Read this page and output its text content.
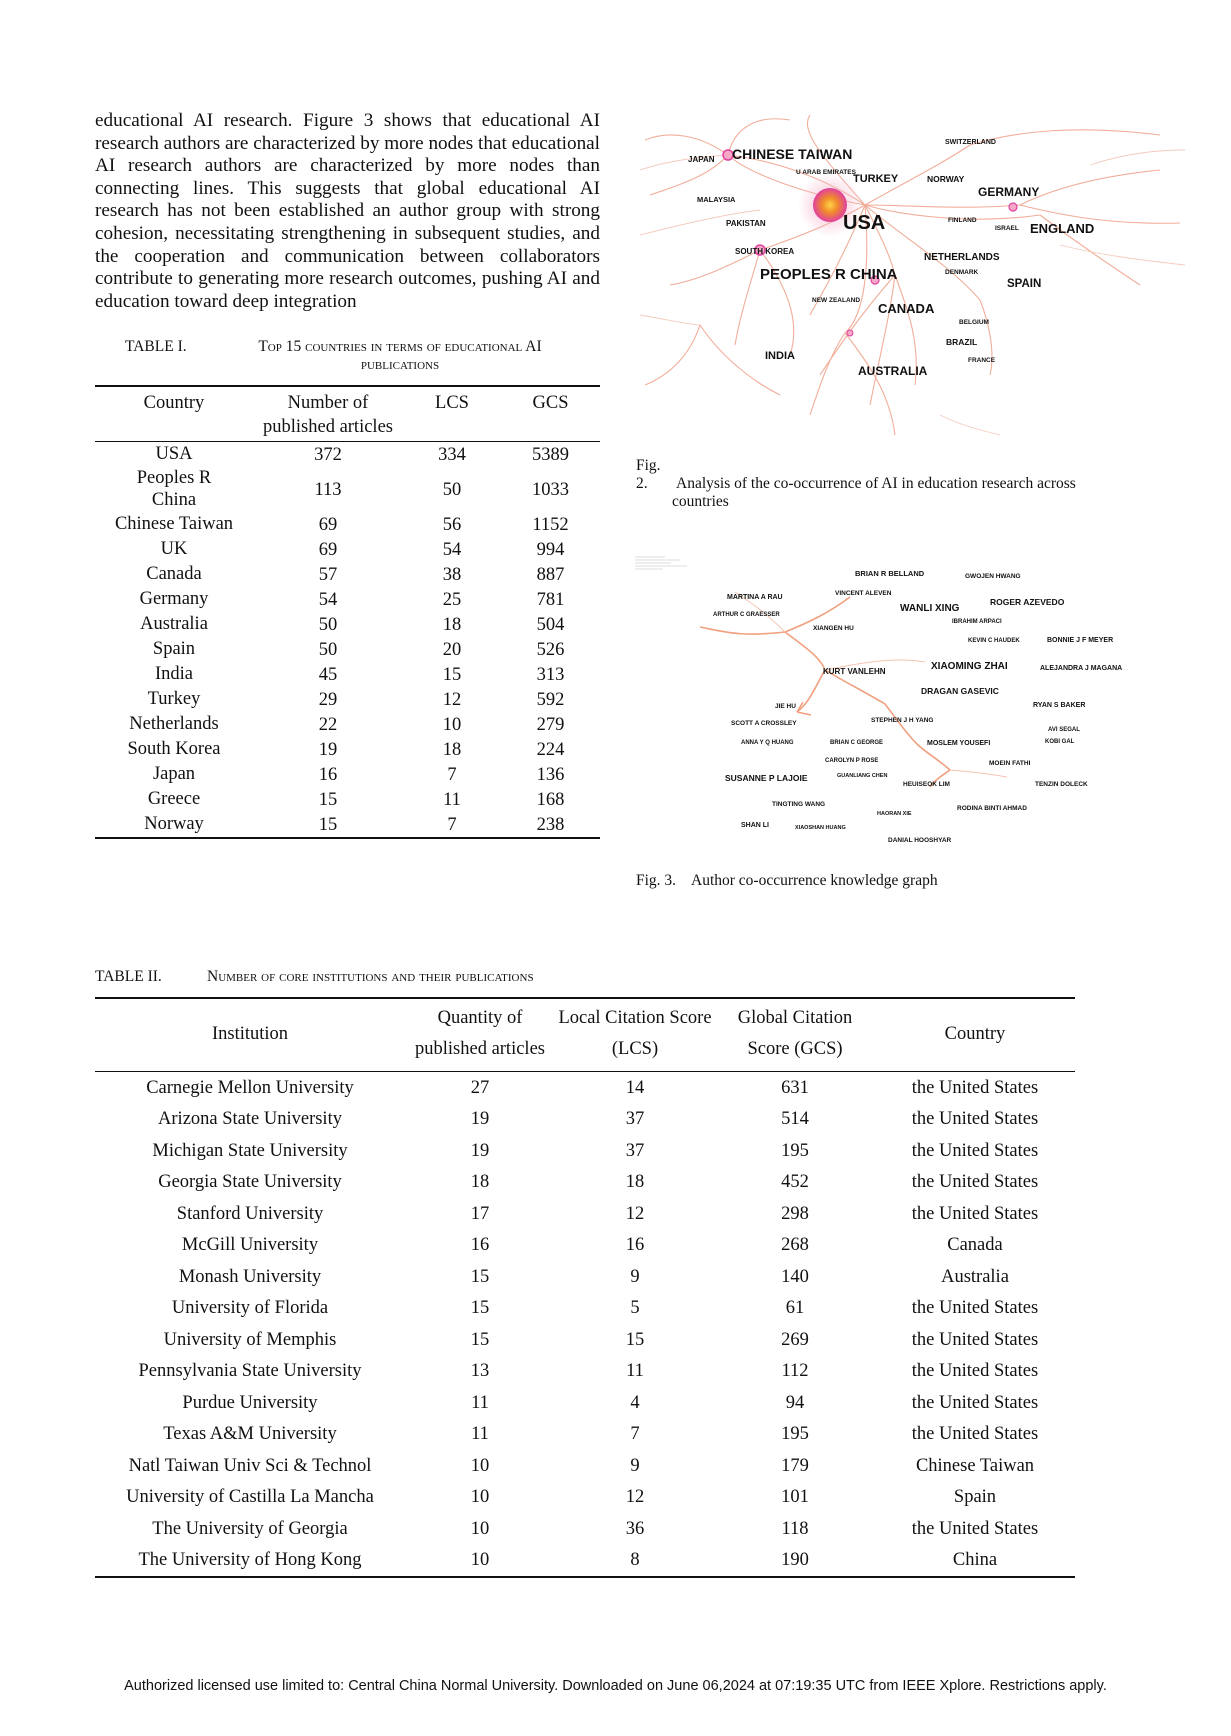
educational AI research. Figure 3 shows that educational AI research authors are characterized by more nodes that educational AI research authors are characterized by more nodes than connecting lines. This suggests that global educational AI research has not been established an author group with strong cohesion, necessitating strengthening in subsequent studies, and the cooperation and communication between collaborators contribute to generating more research outcomes, pushing AI and education toward deep integration

TABLE I.	Top 15 countries in terms of educational AI publications
Country	Number of published articles	LCS	GCS
USA	372	334	5389
Peoples R China	113	50	1033
Chinese Taiwan	69	56	1152
UK	69	54	994
Canada	57	38	887
Germany	54	25	781
Australia	50	18	504
Spain	50	20	526
India	45	15	313
Turkey	29	12	592
Netherlands	22	10	279
South Korea	19	18	224
Japan	16	7	136
Greece	15	11	168
Norway	15	7	238
JAPAN CHINESE TAIWAN
U ARAB EMIRATES
SWITZERLAND
TURKEY	NORWAY
GERMANY
MALAYSIA
PAKISTAN	USA	FINLAND
ISRAEL ENGLAND
SOUTH KOREA
NETHERLANDS
PEOPLES R CHINA	DENMARK
SPAIN
NEW ZEALAND
CANADA
BELGIUM
BRAZIL
INDIA	FRANCE
AUSTRALIA
Fig. 2. Analysis of the co-occurrence of AI in education research across
countries
BRIAN R BELLAND	GWOJEN HWANG
VINCENT ALEVEN
MARTINA A RAU	ROGER AZEVEDO
WANLI XING
ARTHUR C GRAESSER
IBRAHIM ARPACI
XIANGEN HU
KEVIN C HAUDEK	BONNIE J F MEYER
XIAOMING ZHAI	ALEJANDRA J MAGANA
KURT VANLEHN
DRAGAN GASEVIC
JIE HU	RYAN S BAKER
STEPHEN J H YANG
SCOTT A CROSSLEY
AVI SEGAL
ANNA Y Q HUANG	BRIAN C GEORGE	MOSLEM YOUSEFI	KOBI GAL
CAROLYN P ROSE	MOEIN FATHI
GUANLIANG CHEN
SUSANNE P LAJOIE
HEUISEOK LIM	TENZIN DOLECK
TINGTING WANG
RODINA BINTI AHMAD
HAORAN XIE
SHAN LI	XIAOSHAN HUANG
DANIAL HOOSHYAR
Fig. 3. Author co-occurrence knowledge graph
TABLE II.	Number of core institutions and their publications
Institution	Quantity of published articles	Local Citation Score (LCS)	Global Citation Score (GCS)	Country
Carnegie Mellon University	27	14	631	the United States
Arizona State University	19	37	514	the United States
Michigan State University	19	37	195	the United States
Georgia State University	18	18	452	the United States
Stanford University	17	12	298	the United States
McGill University	16	16	268	Canada
Monash University	15	9	140	Australia
University of Florida	15	5	61	the United States
University of Memphis	15	15	269	the United States
Pennsylvania State University	13	11	112	the United States
Purdue University	11	4	94	the United States
Texas A&M University	11	7	195	the United States
Natl Taiwan Univ Sci & Technol	10	9	179	Chinese Taiwan
University of Castilla La Mancha	10	12	101	Spain
The University of Georgia	10	36	118	the United States
The University of Hong Kong	10	8	190	China
Authorized licensed use limited to: Central China Normal University. Downloaded on June 06,2024 at 07:19:35 UTC from IEEE Xplore. Restrictions apply.
